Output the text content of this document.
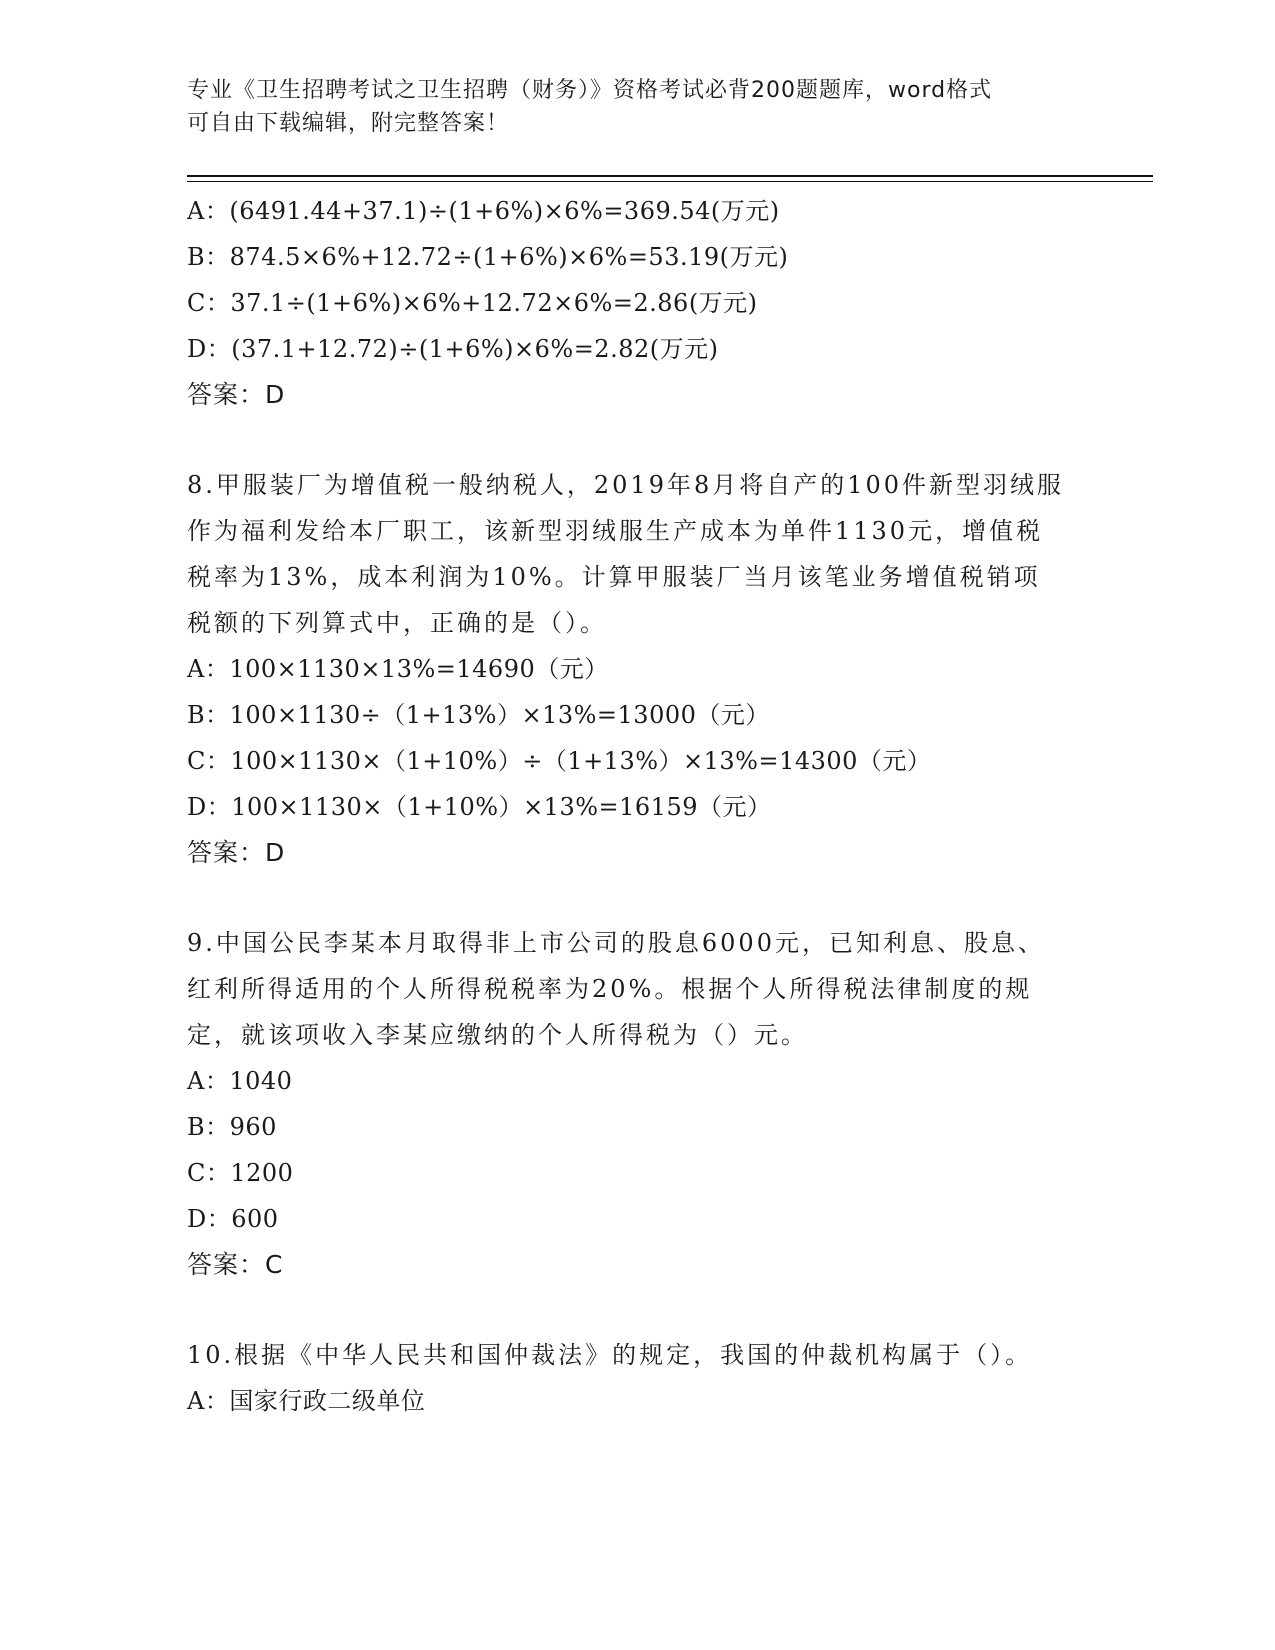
专业《卫生招聘考试之卫生招聘（财务）》资格考试必背200题题库，word格式
可自由下载编辑，附完整答案！
A：(6491.44+37.1)÷(1+6%)×6%=369.54(万元)
B：874.5×6%+12.72÷(1+6%)×6%=53.19(万元)
C：37.1÷(1+6%)×6%+12.72×6%=2.86(万元)
D：(37.1+12.72)÷(1+6%)×6%=2.82(万元)
答案：D
8.甲服装厂为增值税一般纳税人，2019年8月将自产的100件新型羽绒服作为福利发给本厂职工，该新型羽绒服生产成本为单件1130元，增值税税率为13%，成本利润为10%。计算甲服装厂当月该笔业务增值税销项税额的下列算式中，正确的是（）。
A：100×1130×13%=14690（元）
B：100×1130÷（1+13%）×13%=13000（元）
C：100×1130×（1+10%）÷（1+13%）×13%=14300（元）
D：100×1130×（1+10%）×13%=16159（元）
答案：D
9.中国公民李某本月取得非上市公司的股息6000元，已知利息、股息、红利所得适用的个人所得税税率为20%。根据个人所得税法律制度的规定，就该项收入李某应缴纳的个人所得税为（）元。
A：1040
B：960
C：1200
D：600
答案：C
10.根据《中华人民共和国仲裁法》的规定，我国的仲裁机构属于（）。
A：国家行政二级单位
